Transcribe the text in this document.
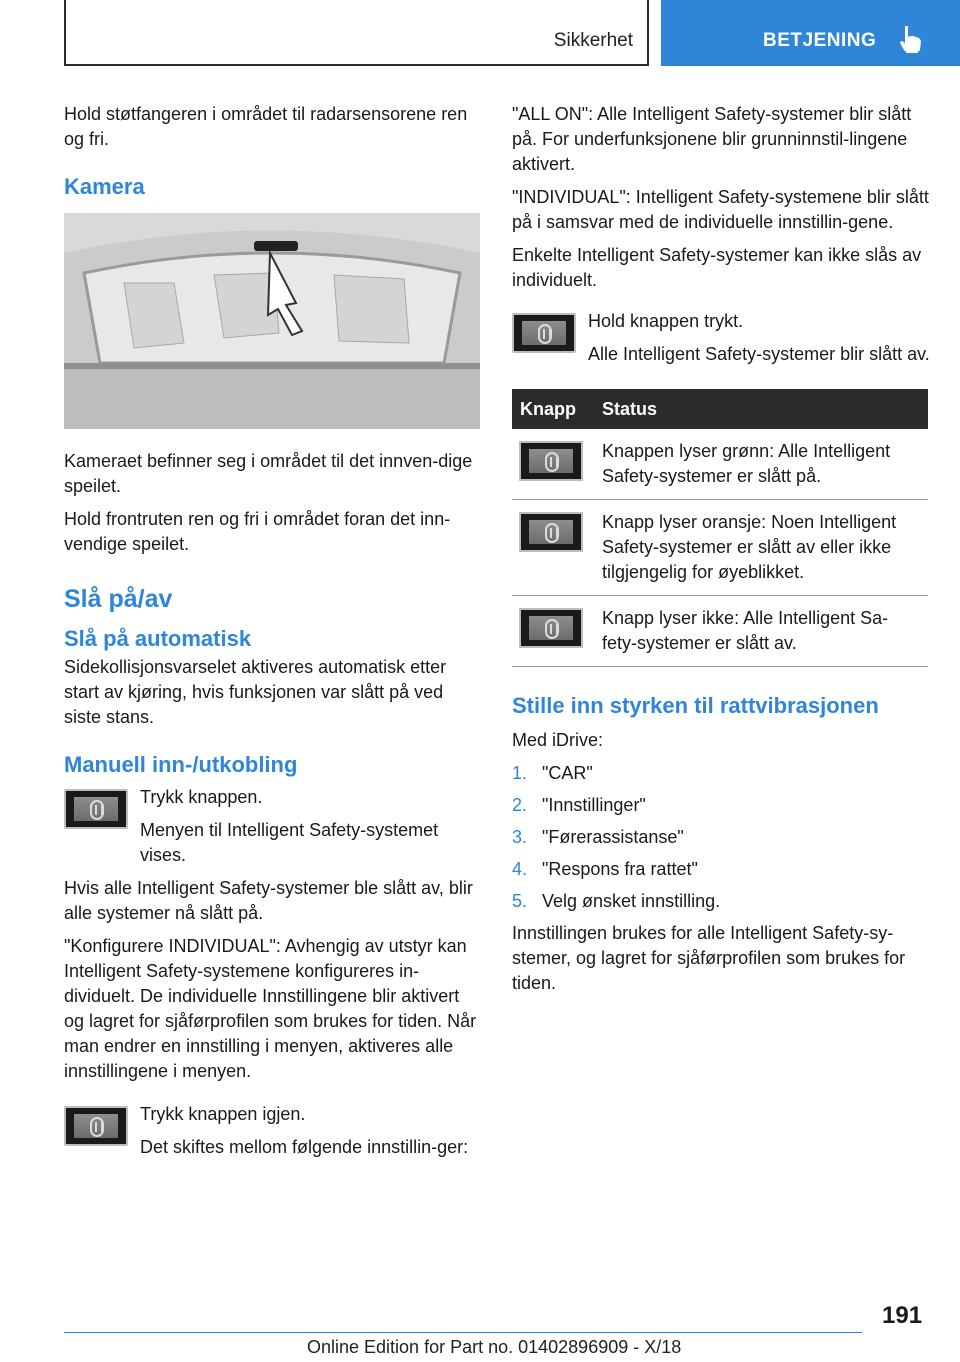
Sikkerhet	BETJENING

Hold støtfangeren i området til radarsensorene ren og fri.

Kamera

Kameraet befinner seg i området til det innven-dige speilet.

Hold frontruten ren og fri i området foran det inn-vendige speilet.

Slå på/av
Slå på automatisk

Sidekollisjonsvarselet aktiveres automatisk etter start av kjøring, hvis funksjonen var slått på ved siste stans.

Manuell inn-/utkobling

Trykk knappen.

Menyen til Intelligent Safety-systemet vises.

Hvis alle Intelligent Safety-systemer ble slått av, blir alle systemer nå slått på.

"Konfigurere INDIVIDUAL": Avhengig av utstyr kan Intelligent Safety-systemene konfigureres in-dividuelt. De individuelle Innstillingene blir aktivert og lagret for sjåførprofilen som brukes for tiden. Når man endrer en innstilling i menyen, aktiveres alle innstillingene i menyen.

Trykk knappen igjen.

Det skiftes mellom følgende innstillin-ger:

"ALL ON": Alle Intelligent Safety-systemer blir slått på. For underfunksjonene blir grunninnstil-lingene aktivert.

"INDIVIDUAL": Intelligent Safety-systemene blir slått på i samsvar med de individuelle innstillin-gene.

Enkelte Intelligent Safety-systemer kan ikke slås av individuelt.

Hold knappen trykt.

Alle Intelligent Safety-systemer blir slått av.

Knapp	Status

	Knappen lyser grønn: Alle Intelligent Safety-systemer er slått på.

	Knapp lyser oransje: Noen Intelligent Safety-systemer er slått av eller ikke tilgjengelig for øyeblikket.

	Knapp lyser ikke: Alle Intelligent Sa-fety-systemer er slått av.
Stille inn styrken til rattvibrasjonen

Med iDrive:

1. "CAR"
2. "Innstillinger"
3. "Førerassistanse"
4. "Respons fra rattet"
5. Velg ønsket innstilling.

Innstillingen brukes for alle Intelligent Safety-sy-stemer, og lagret for sjåførprofilen som brukes for tiden.

191
Online Edition for Part no. 01402896909 - X/18
